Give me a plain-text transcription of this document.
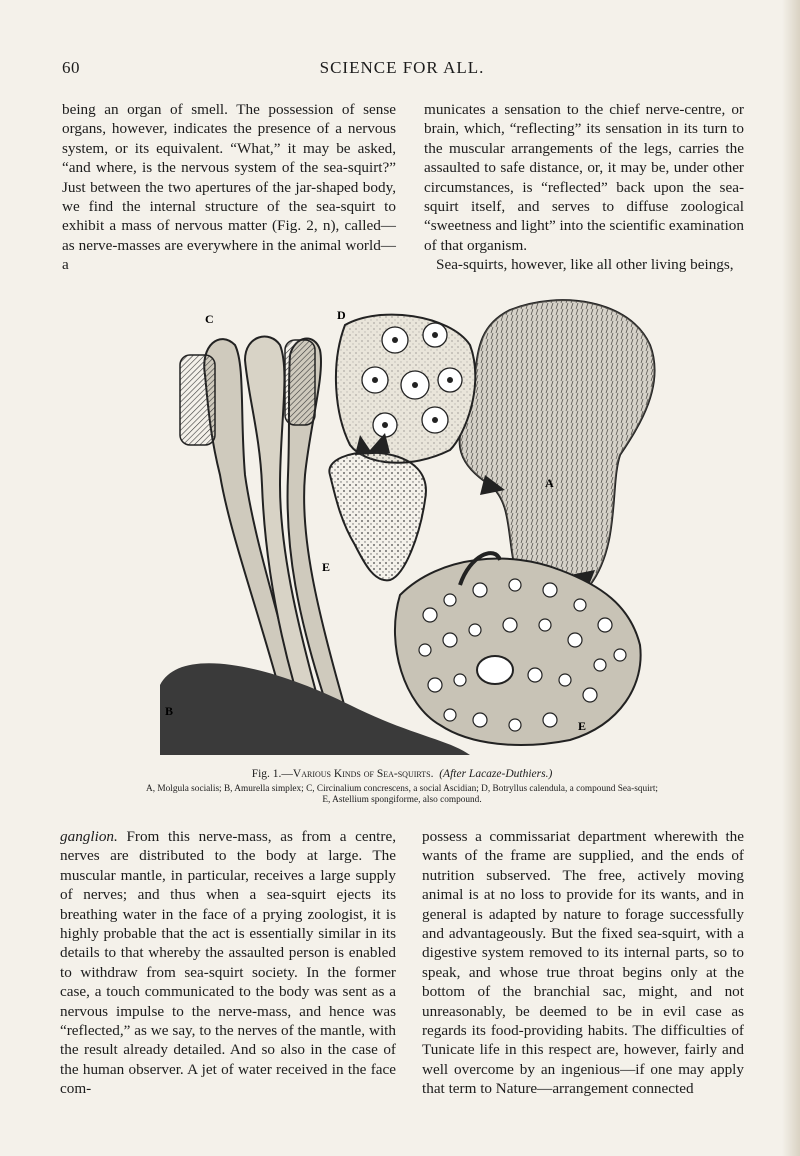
60	SCIENCE FOR ALL.

being an organ of smell. The possession of sense organs, however, indicates the presence of a nervous system, or its equivalent. “What,” it may be asked, “and where, is the nervous system of the sea-squirt?” Just between the two apertures of the jar-shaped body, we find the internal structure of the sea-squirt to exhibit a mass of nervous matter (Fig. 2, n), called—as nerve-masses are everywhere in the animal world—a

municates a sensation to the chief nerve-centre, or brain, which, “reflecting” its sensation in its turn to the muscular arrangements of the legs, carries the assaulted to safe distance, or, it may be, under other circumstances, is “reflected” back upon the sea-squirt itself, and serves to diffuse zoological “sweetness and light” into the scientific examination of that organism.

Sea-squirts, however, like all other living beings,

A
D
C
E
E
B
Fig. 1.—Various Kinds of Sea-squirts. (After Lacaze-Duthiers.)
A, Molgula socialis; B, Amurella simplex; C, Circinalium concrescens, a social Ascidian; D, Botryllus calendula, a compound Sea-squirt;
E, Astellium spongiforme, also compound.

ganglion. From this nerve-mass, as from a centre, nerves are distributed to the body at large. The muscular mantle, in particular, receives a large supply of nerves; and thus when a sea-squirt ejects its breathing water in the face of a prying zoologist, it is highly probable that the act is essentially similar in its details to that whereby the assaulted person is enabled to withdraw from sea-squirt society. In the former case, a touch communicated to the body was sent as a nervous impulse to the nerve-mass, and hence was “reflected,” as we say, to the nerves of the mantle, with the result already detailed. And so also in the case of the human observer. A jet of water received in the face com-

possess a commissariat department wherewith the wants of the frame are supplied, and the ends of nutrition subserved. The free, actively moving animal is at no loss to provide for its wants, and in general is adapted by nature to forage successfully and advantageously. But the fixed sea-squirt, with a digestive system removed to its internal parts, so to speak, and whose true throat begins only at the bottom of the branchial sac, might, and not unreasonably, be deemed to be in evil case as regards its food-providing habits. The difficulties of Tunicate life in this respect are, however, fairly and well overcome by an ingenious—if one may apply that term to Nature—arrangement connected
